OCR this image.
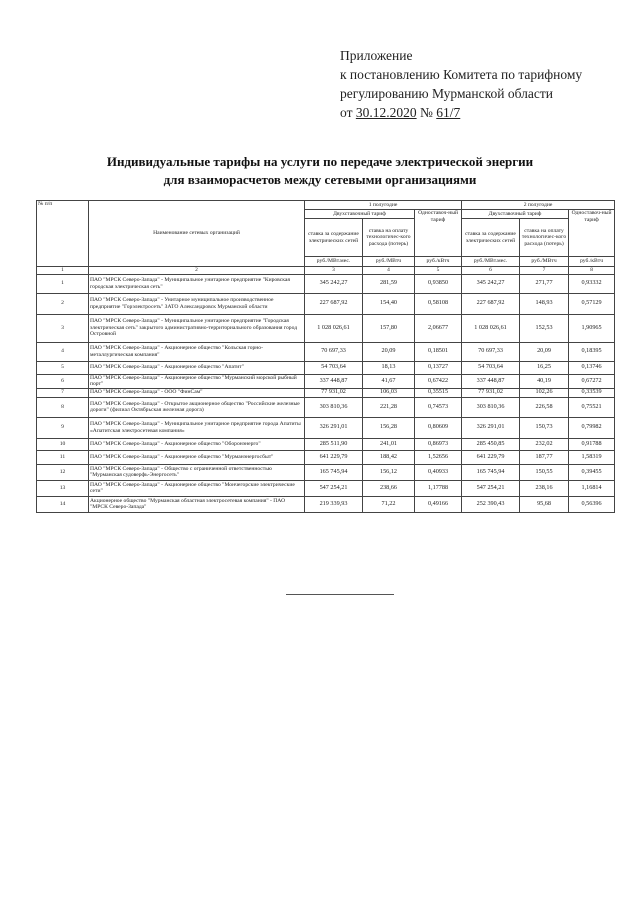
Приложение
к постановлению Комитета по тарифному
регулированию Мурманской области
от 30.12.2020 № 61/7
Индивидуальные тарифы на услуги по передаче электрической энергии
для взаиморасчетов между сетевыми организациями
№ п/п	Наименование сетевых организаций	1 полугодие			2 полугодие		
		Двухставочный тариф		Одноставоч-ный тариф	Двухставочный тариф		Одноставоч-ный тариф
		ставка за содержание электрических сетей	ставка на оплату технологичес-кого расхода (потерь)		ставка за содержание электрических сетей	ставка на оплату технологичес-кого расхода (потерь)	
		руб./МВт.мес.	руб./МВтч	руб./кВтч	руб./МВт.мес.	руб./МВтч	руб./кВтч
1	2	3	4	5	6	7	8
1	ПАО "МРСК Северо-Запада" - Муниципальное унитарное предприятие "Кировская городская электрическая сеть"	345 242,27	281,59	0,93850	345 242,27	271,77	0,93332
2	ПАО "МРСК Северо-Запада" - Унитарное муниципальное производственное предприятие "Горэлектросеть" ЗАТО Александровск Мурманской области	227 687,92	154,40	0,58108	227 687,92	148,93	0,57129
3	ПАО "МРСК Северо-Запада" - Муниципальное унитарное предприятие "Городская электрическая сеть" закрытого административно-территориального образования город Островной	1 028 026,61	157,80	2,06677	1 028 026,61	152,53	1,90965
4	ПАО "МРСК Северо-Запада" - Акционерное общество "Кольская горно-металлургическая компания"	70 697,33	20,09	0,18501	70 697,33	20,09	0,18395
5	ПАО "МРСК Северо-Запада" - Акционерное общество "Апатит"	54 703,64	18,13	0,13727	54 703,64	16,25	0,13746
6	ПАО "МРСК Северо-Запада" - Акционерное общество "Мурманский морской рыбный порт"	337 448,87	41,67	0,67422	337 448,87	40,19	0,67272
7	ПАО "МРСК Северо-Запада" - ООО "ФинСам"	77 931,02	106,03	0,35515	77 931,02	102,26	0,33539
8	ПАО "МРСК Северо-Запада" - Открытое акционерное общество "Российские железные дороги" (филиал Октябрьская железная дорога)	303 810,36	221,28	0,74573	303 810,36	226,58	0,75521
9	ПАО "МРСК Северо-Запада" - Муниципальное унитарное предприятие города Апатиты «Апатитская электросетевая компания»	326 291,01	156,28	0,80609	326 291,01	150,73	0,79982
10	ПАО "МРСК Северо-Запада" - Акционерное общество "Оборонэнерго"	285 511,90	241,01	0,86973	285 450,85	232,02	0,91788
11	ПАО "МРСК Северо-Запада" - Акционерное общество "Мурманэнергосбыт"	641 229,79	188,42	1,52656	641 229,79	187,77	1,58319
12	ПАО "МРСК Северо-Запада" - Общество с ограниченной ответственностью "Мурманская судоверфь-Энергосеть"	165 745,94	156,12	0,40933	165 745,94	150,55	0,39455
13	ПАО "МРСК Северо-Запада" - Акционерное общество "Мончегорские электрические сети"	547 254,21	238,66	1,17788	547 254,21	238,16	1,16814
14	Акционерное общество "Мурманская областная электросетевая компания" - ПАО "МРСК Северо-Запада"	219 339,93	71,22	0,49166	252 390,43	95,68	0,56396
